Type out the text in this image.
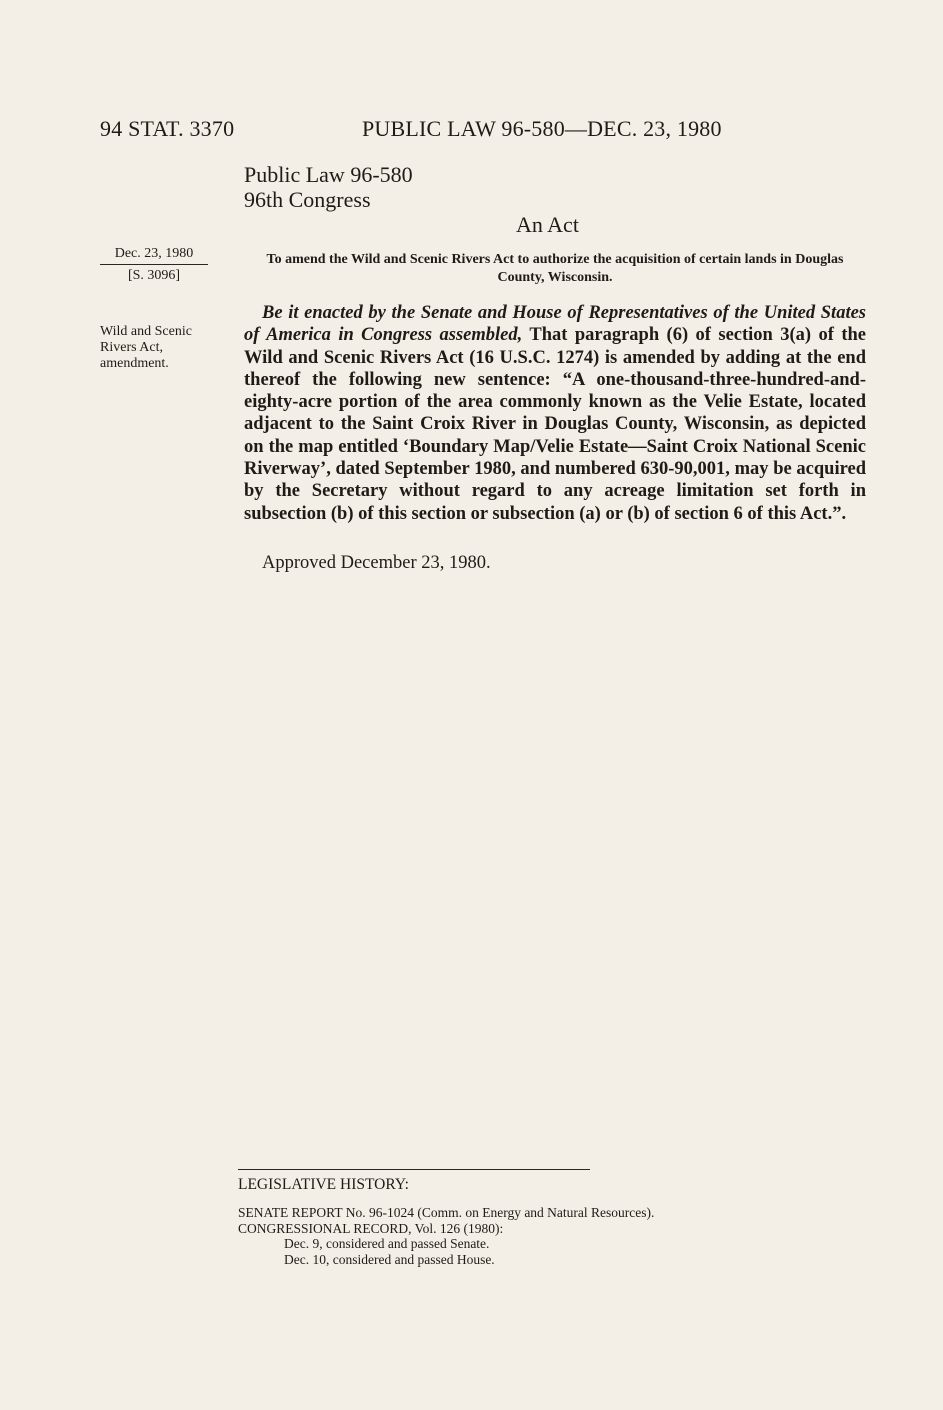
94 STAT. 3370	PUBLIC LAW 96-580—DEC. 23, 1980
Public Law 96-580
96th Congress
An Act
Dec. 23, 1980
[S. 3096]
Wild and Scenic
Rivers Act,
amendment.
To amend the Wild and Scenic Rivers Act to authorize the acquisition of certain lands in Douglas County, Wisconsin.

Be it enacted by the Senate and House of Representatives of the United States of America in Congress assembled, That paragraph (6) of section 3(a) of the Wild and Scenic Rivers Act (16 U.S.C. 1274) is amended by adding at the end thereof the following new sentence: “A one-thousand-three-hundred-and-eighty-acre portion of the area commonly known as the Velie Estate, located adjacent to the Saint Croix River in Douglas County, Wisconsin, as depicted on the map entitled ‘Boundary Map/Velie Estate—Saint Croix National Scenic Riverway’, dated September 1980, and numbered 630-90,001, may be acquired by the Secretary without regard to any acreage limitation set forth in subsection (b) of this section or subsection (a) or (b) of section 6 of this Act.”.

Approved December 23, 1980.
LEGISLATIVE HISTORY:
SENATE REPORT No. 96-1024 (Comm. on Energy and Natural Resources).
CONGRESSIONAL RECORD, Vol. 126 (1980):
Dec. 9, considered and passed Senate.
Dec. 10, considered and passed House.
